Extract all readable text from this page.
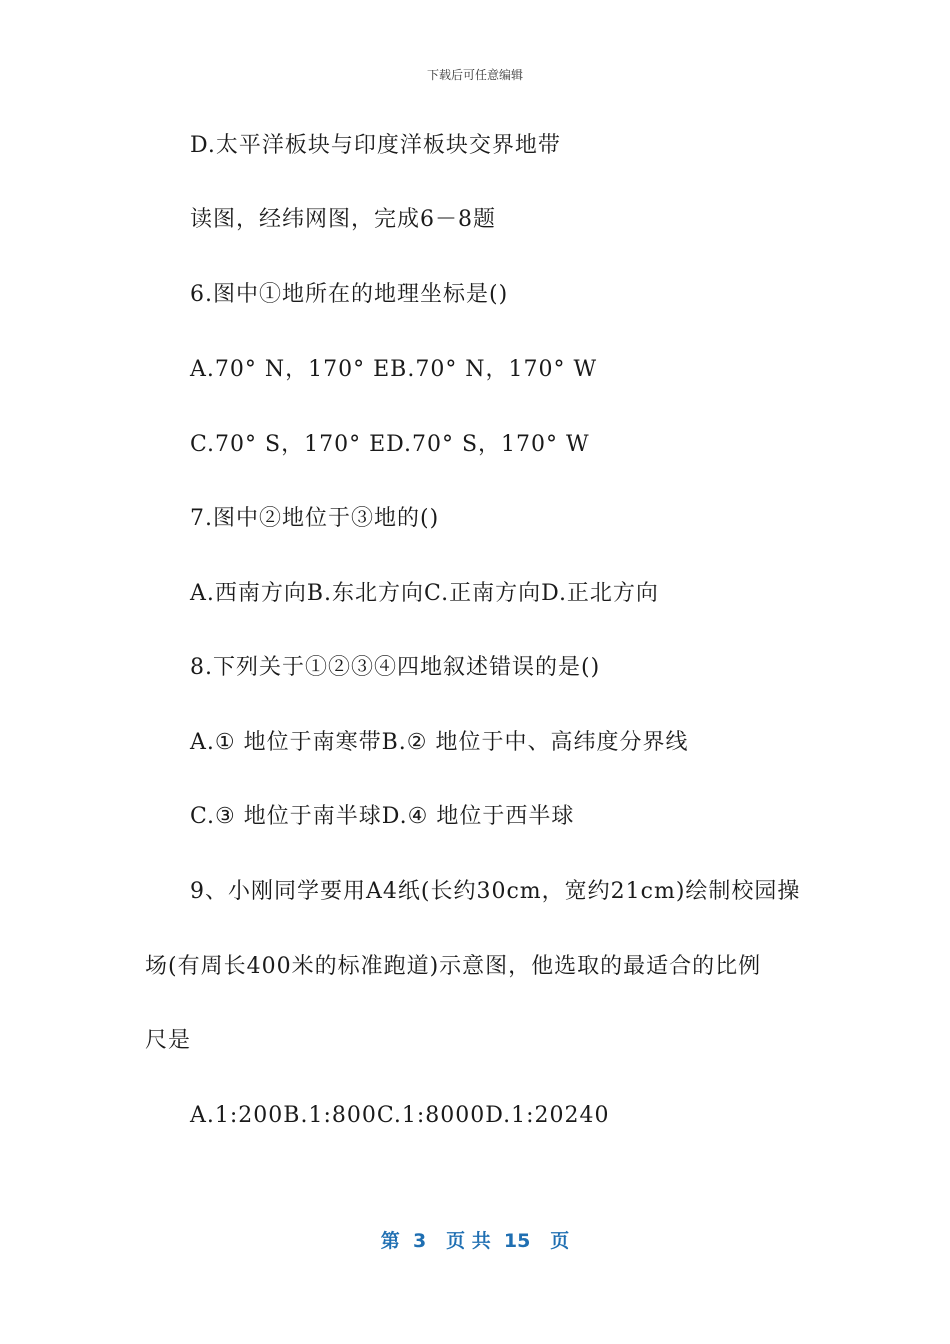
下载后可任意编辑
D.太平洋板块与印度洋板块交界地带
读图，经纬网图，完成6－8题
6.图中①地所在的地理坐标是()
A.70° N，170° EB.70° N，170° W
C.70° S，170° ED.70° S，170° W
7.图中②地位于③地的()
A.西南方向B.东北方向C.正南方向D.正北方向
8.下列关于①②③④四地叙述错误的是()
A.① 地位于南寒带B.② 地位于中、高纬度分界线
C.③ 地位于南半球D.④ 地位于西半球
9、小刚同学要用A4纸(长约30cm，宽约21cm)绘制校园操
场(有周长400米的标准跑道)示意图，他选取的最适合的比例
尺是
A.1:200B.1:800C.1:8000D.1:20240
第  3   页 共  15   页
